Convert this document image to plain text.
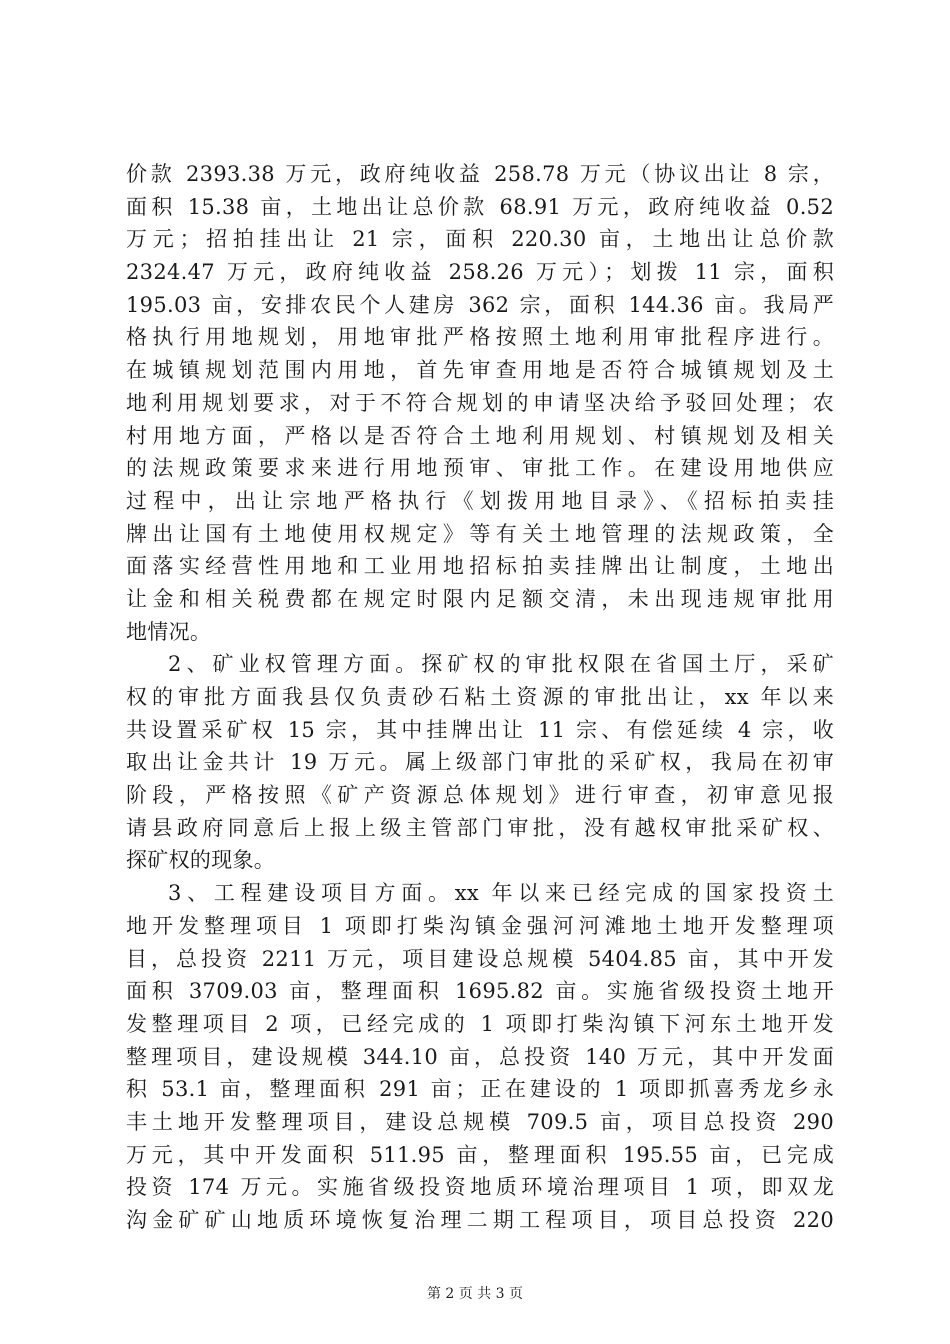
价款 2393.38 万元，政府纯收益 258.78 万元（协议出让 8 宗，
面积 15.38 亩，土地出让总价款 68.91 万元，政府纯收益 0.52
万元；招拍挂出让 21 宗，面积 220.30 亩，土地出让总价款
2324.47 万元，政府纯收益 258.26 万元）；划拨 11 宗，面积
195.03 亩，安排农民个人建房 362 宗，面积 144.36 亩。我局严
格执行用地规划，用地审批严格按照土地利用审批程序进行。
在城镇规划范围内用地，首先审查用地是否符合城镇规划及土
地利用规划要求，对于不符合规划的申请坚决给予驳回处理；农
村用地方面，严格以是否符合土地利用规划、村镇规划及相关
的法规政策要求来进行用地预审、审批工作。在建设用地供应
过程中，出让宗地严格执行《划拨用地目录》、《招标拍卖挂
牌出让国有土地使用权规定》等有关土地管理的法规政策，全
面落实经营性用地和工业用地招标拍卖挂牌出让制度，土地出
让金和相关税费都在规定时限内足额交清，未出现违规审批用
地情况。
2、矿业权管理方面。探矿权的审批权限在省国土厅，采矿
权的审批方面我县仅负责砂石粘土资源的审批出让，xx 年以来
共设置采矿权 15 宗，其中挂牌出让 11 宗、有偿延续 4 宗，收
取出让金共计 19 万元。属上级部门审批的采矿权，我局在初审
阶段，严格按照《矿产资源总体规划》进行审查，初审意见报
请县政府同意后上报上级主管部门审批，没有越权审批采矿权、
探矿权的现象。
3、工程建设项目方面。xx 年以来已经完成的国家投资土
地开发整理项目 1 项即打柴沟镇金强河河滩地土地开发整理项
目，总投资 2211 万元，项目建设总规模 5404.85 亩，其中开发
面积 3709.03 亩，整理面积 1695.82 亩。实施省级投资土地开
发整理项目 2 项，已经完成的 1 项即打柴沟镇下河东土地开发
整理项目，建设规模 344.10 亩，总投资 140 万元，其中开发面
积 53.1 亩，整理面积 291 亩；正在建设的 1 项即抓喜秀龙乡永
丰土地开发整理项目，建设总规模 709.5 亩，项目总投资 290
万元，其中开发面积 511.95 亩，整理面积 195.55 亩，已完成
投资 174 万元。实施省级投资地质环境治理项目 1 项，即双龙
沟金矿矿山地质环境恢复治理二期工程项目，项目总投资 220
第 2 页 共 3 页
